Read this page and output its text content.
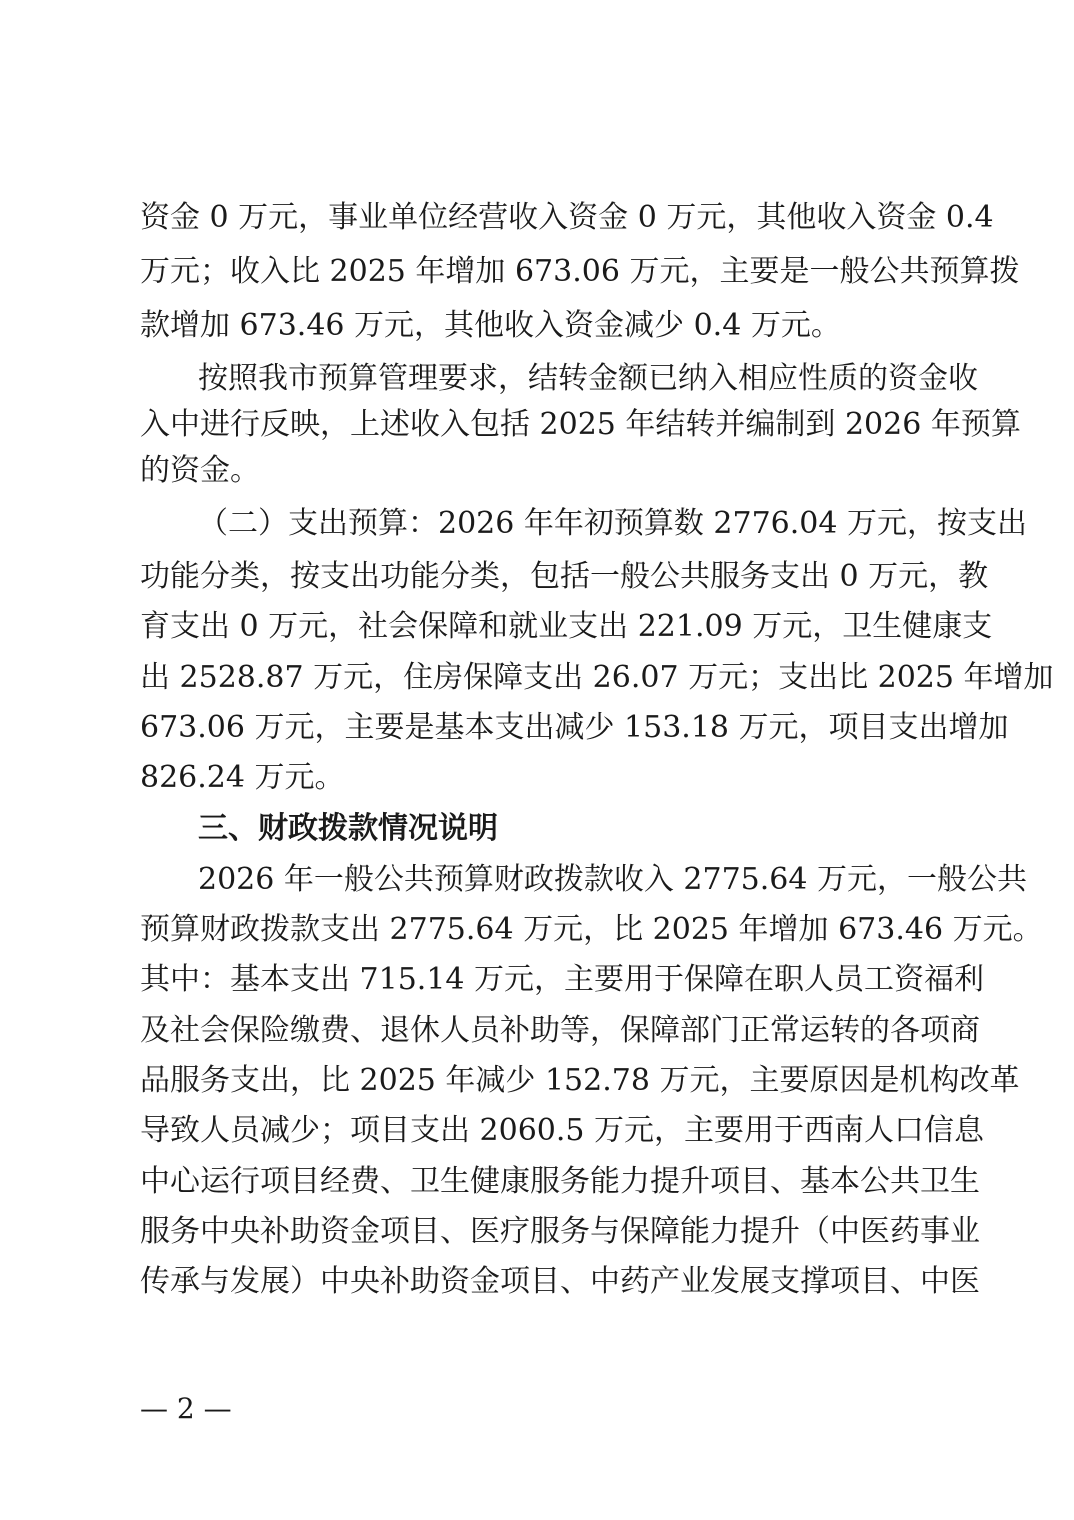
资金 0 万元，事业单位经营收入资金 0 万元，其他收入资金 0.4
万元；收入比 2025 年增加 673.06 万元，主要是一般公共预算拨
款增加 673.46 万元，其他收入资金减少 0.4 万元。
按照我市预算管理要求，结转金额已纳入相应性质的资金收
入中进行反映，上述收入包括 2025 年结转并编制到 2026 年预算
的资金。
（二）支出预算：2026 年年初预算数 2776.04 万元，按支出
功能分类，按支出功能分类，包括一般公共服务支出 0 万元，教
育支出 0 万元，社会保障和就业支出 221.09 万元，卫生健康支
出 2528.87 万元，住房保障支出 26.07 万元；支出比 2025 年增加
673.06 万元，主要是基本支出减少 153.18 万元，项目支出增加
826.24 万元。
三、财政拨款情况说明
2026 年一般公共预算财政拨款收入 2775.64 万元，一般公共
预算财政拨款支出 2775.64 万元，比 2025 年增加 673.46 万元。
其中：基本支出 715.14 万元，主要用于保障在职人员工资福利
及社会保险缴费、退休人员补助等，保障部门正常运转的各项商
品服务支出，比 2025 年减少 152.78 万元，主要原因是机构改革
导致人员减少；项目支出 2060.5 万元，主要用于西南人口信息
中心运行项目经费、卫生健康服务能力提升项目、基本公共卫生
服务中央补助资金项目、医疗服务与保障能力提升（中医药事业
传承与发展）中央补助资金项目、中药产业发展支撑项目、中医
— 2 —
